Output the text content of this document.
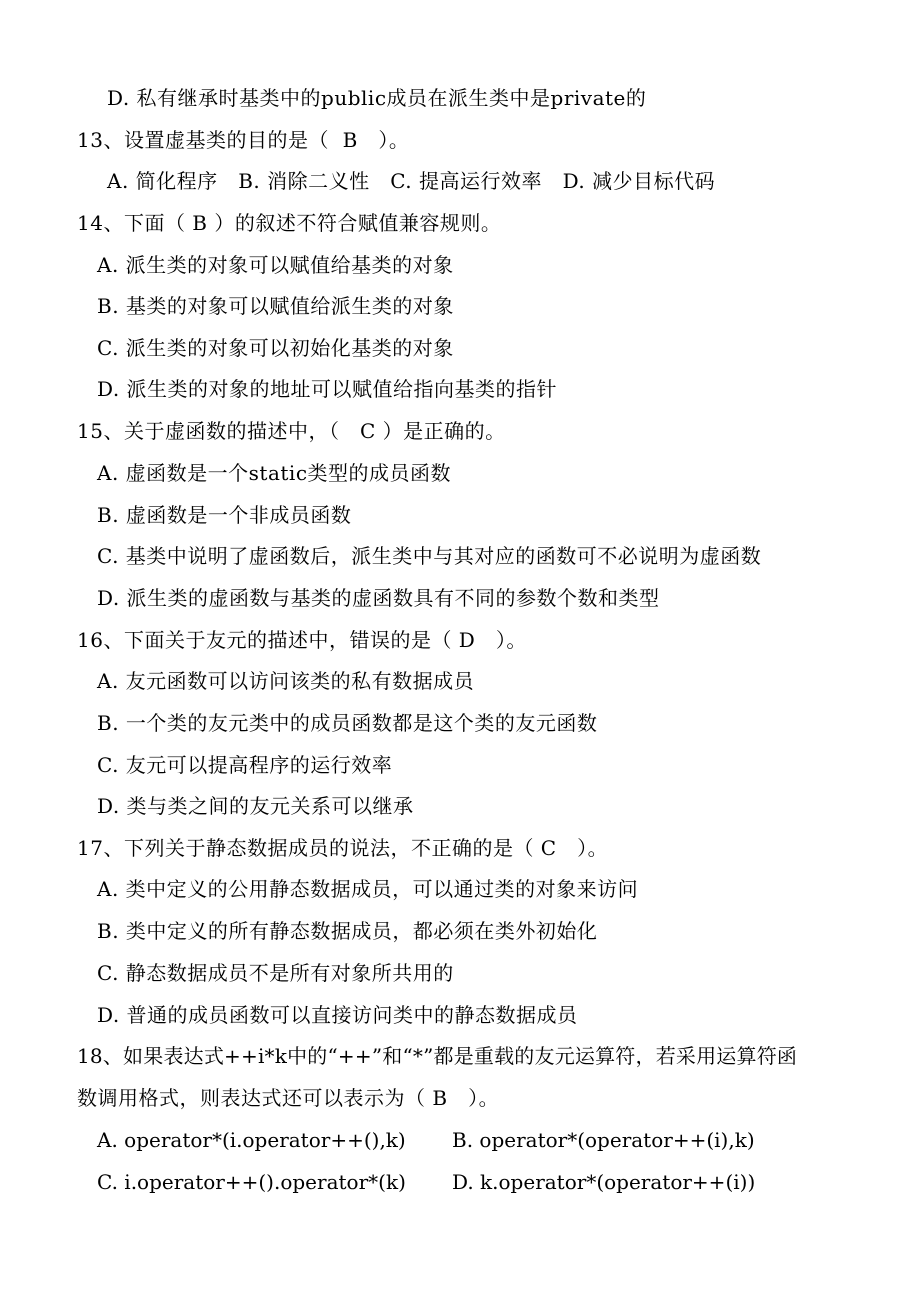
D. 私有继承时基类中的public成员在派生类中是private的
13、设置虚基类的目的是（  B   ）。
A. 简化程序   B. 消除二义性   C. 提高运行效率   D. 减少目标代码
14、下面（ B ）的叙述不符合赋值兼容规则。
A. 派生类的对象可以赋值给基类的对象
B. 基类的对象可以赋值给派生类的对象
C. 派生类的对象可以初始化基类的对象
D. 派生类的对象的地址可以赋值给指向基类的指针
15、关于虚函数的描述中，（   C ）是正确的。
A. 虚函数是一个static类型的成员函数
B. 虚函数是一个非成员函数
C. 基类中说明了虚函数后，派生类中与其对应的函数可不必说明为虚函数
D. 派生类的虚函数与基类的虚函数具有不同的参数个数和类型
16、下面关于友元的描述中，错误的是（ D   ）。
A. 友元函数可以访问该类的私有数据成员
B. 一个类的友元类中的成员函数都是这个类的友元函数
C. 友元可以提高程序的运行效率
D. 类与类之间的友元关系可以继承
17、下列关于静态数据成员的说法，不正确的是（ C   ）。
A. 类中定义的公用静态数据成员，可以通过类的对象来访问
B. 类中定义的所有静态数据成员，都必须在类外初始化
C. 静态数据成员不是所有对象所共用的
D. 普通的成员函数可以直接访问类中的静态数据成员
18、如果表达式++i*k中的“++”和“*”都是重载的友元运算符，若采用运算符函
数调用格式，则表达式还可以表示为（ B   ）。
A. operator*(i.operator++(),k) B. operator*(operator++(i),k)
C. i.operator++().operator*(k) D. k.operator*(operator++(i))
